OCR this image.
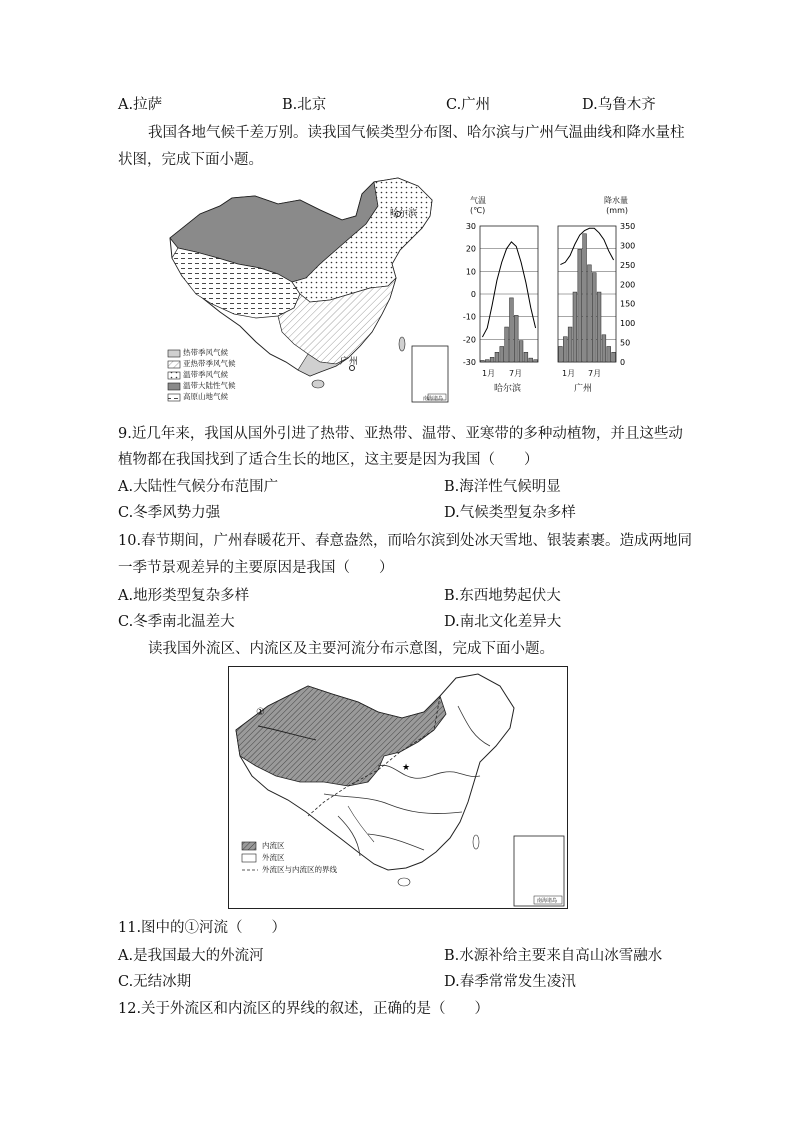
A.拉萨	B.北京	C.广州	D.乌鲁木齐
我国各地气候千差万别。读我国气候类型分布图、哈尔滨与广州气温曲线和降水量柱
状图，完成下面小题。
哈尔滨
广州
南海诸岛
热带季风气候
亚热带季风气候
温带季风气候
温带大陆性气候
高原山地气候
气温
(℃)
降水量
(mm)
30
20
10
0
-10
-20
-30
350
300
250
200
150
100
50
0
1月 7月	1月 7月
哈尔滨	广州
9.近几年来，我国从国外引进了热带、亚热带、温带、亚寒带的多种动植物，并且这些动
植物都在我国找到了适合生长的地区，这主要是因为我国（　　）
A.大陆性气候分布范围广	B.海洋性气候明显
C.冬季风势力强	D.气候类型复杂多样
10.春节期间，广州春暖花开、春意盎然，而哈尔滨到处冰天雪地、银装素裹。造成两地同
一季节景观差异的主要原因是我国（　　）
A.地形类型复杂多样	B.东西地势起伏大
C.冬季南北温差大	D.南北文化差异大
读我国外流区、内流区及主要河流分布示意图，完成下面小题。
★
①
内流区
外流区
外流区与内流区的界线
南海诸岛
11.图中的①河流（　　）
A.是我国最大的外流河	B.水源补给主要来自高山冰雪融水
C.无结冰期	D.春季常常发生凌汛
12.关于外流区和内流区的界线的叙述，正确的是（　　）
